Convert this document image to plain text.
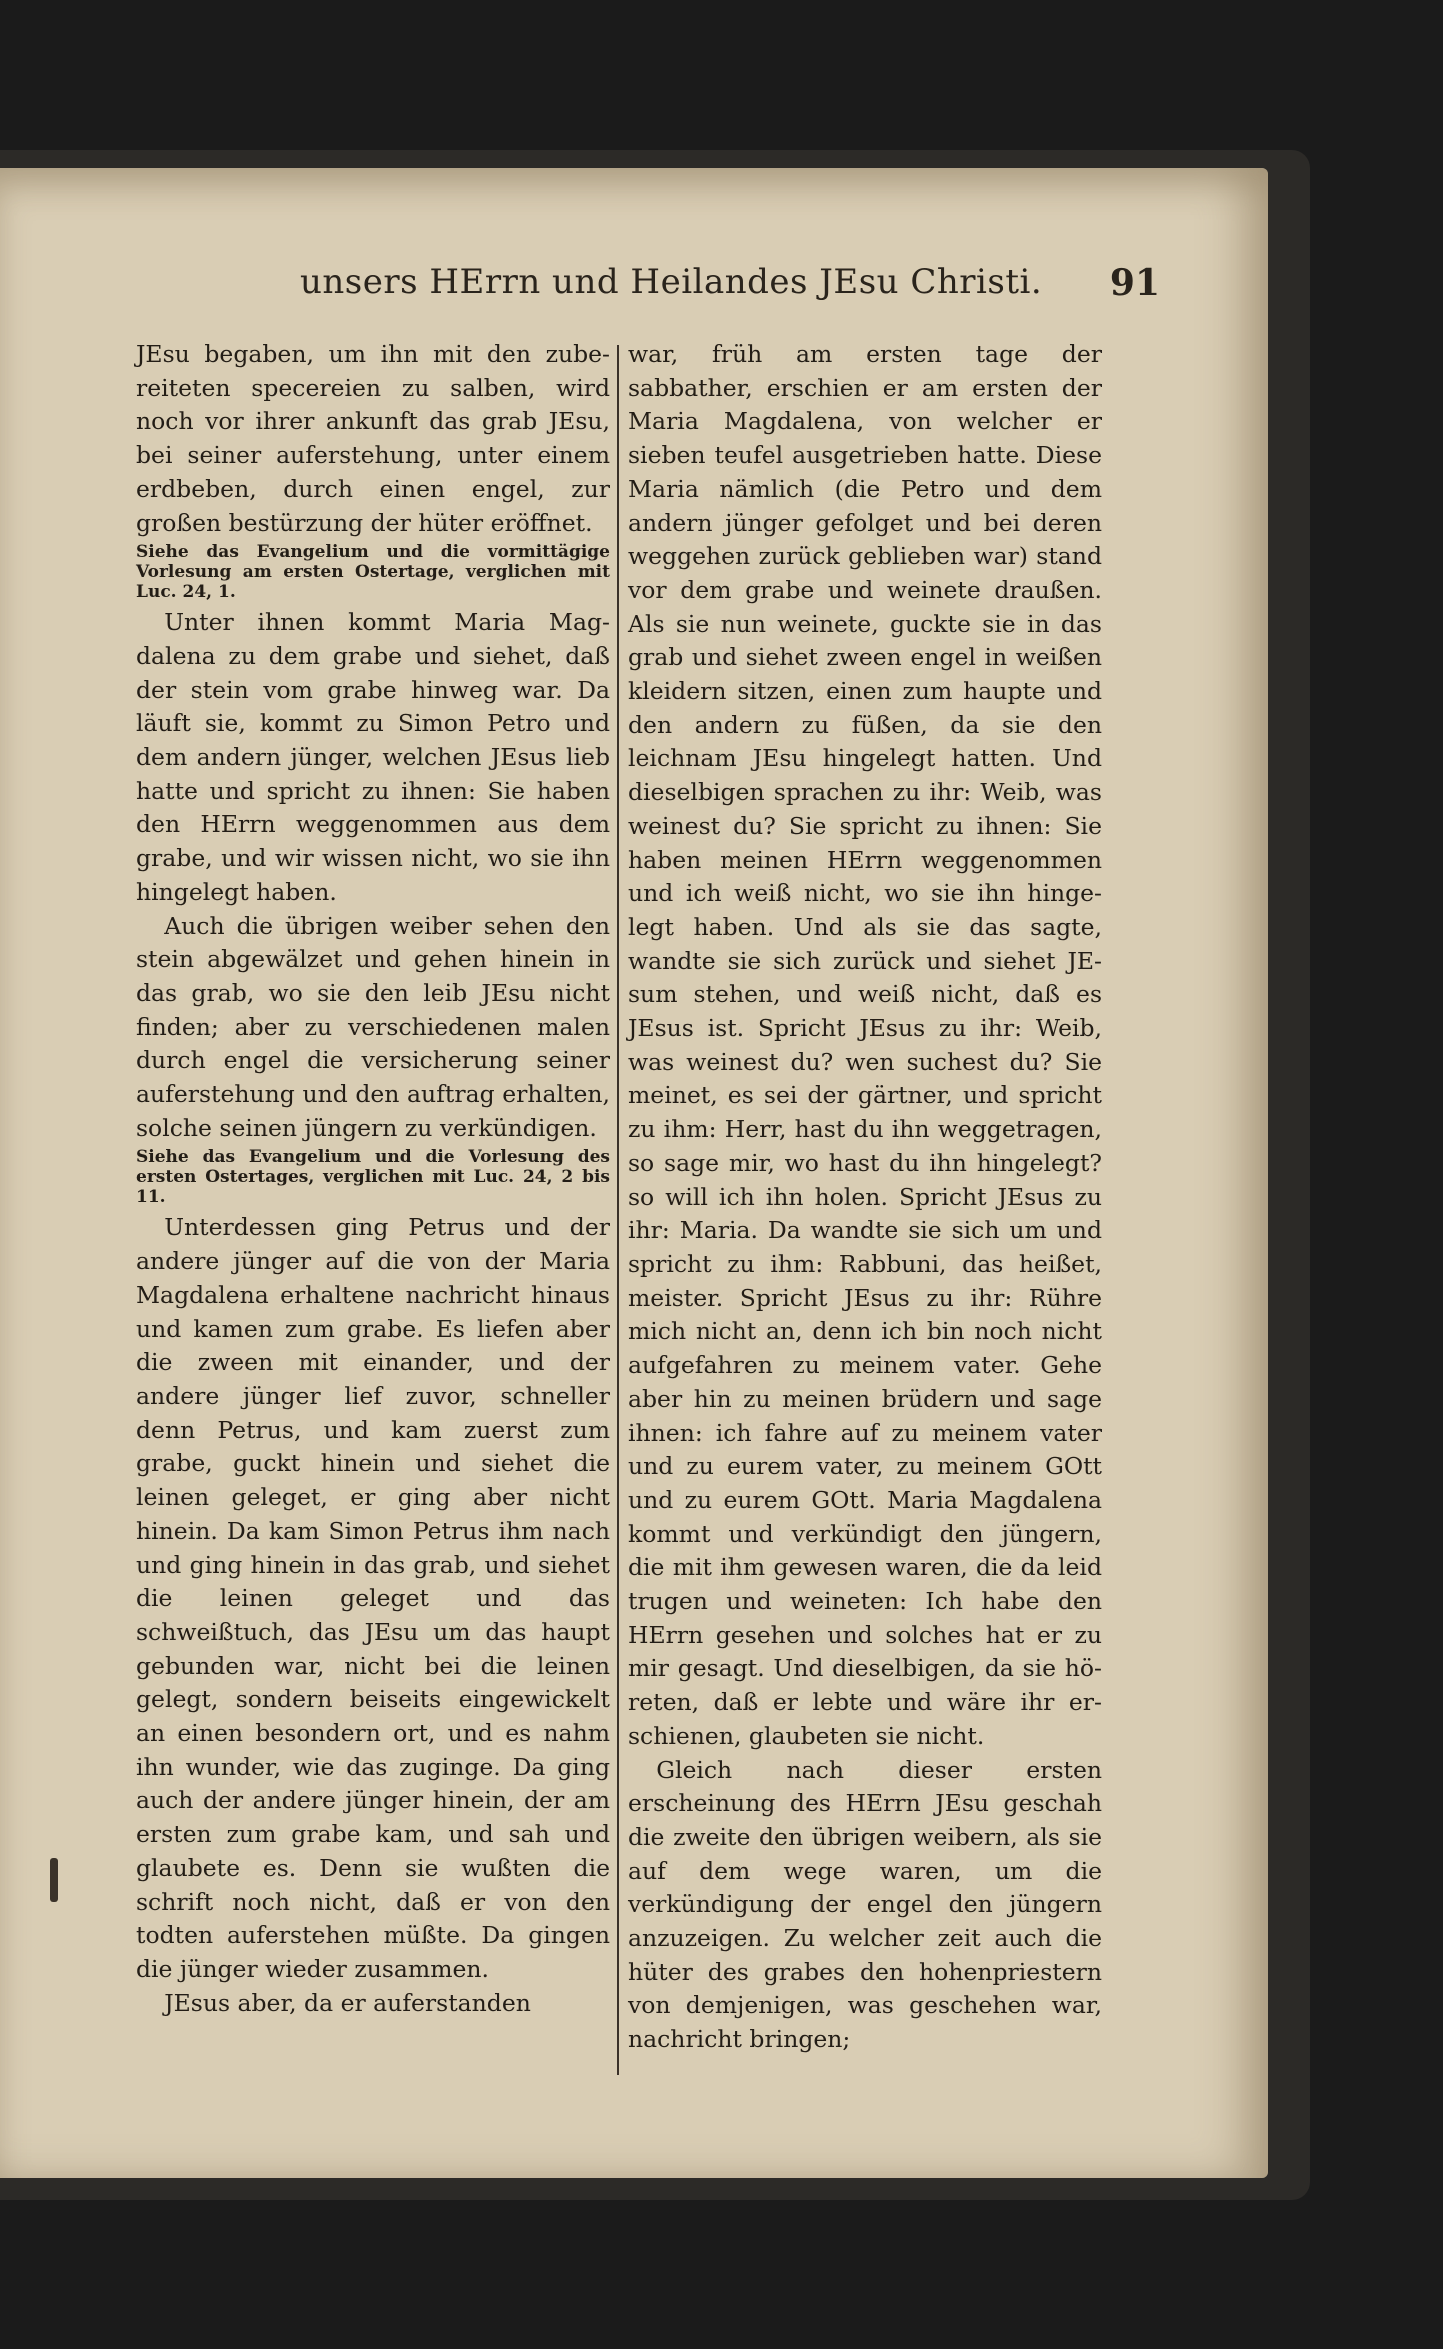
unsers HErrn und Heilandes JEsu Christi. 91

JEsu begaben, um ihn mit den zubereiteten specereien zu salben, wird noch vor ihrer ankunft das grab JEsu, bei seiner auferstehung, unter einem erdbeben, durch einen engel, zur großen bestürzung der hüter eröffnet.

Siehe das Evangelium und die vormittägige Vorlesung am ersten Ostertage, verglichen mit Luc. 24, 1.

Unter ihnen kommt Maria Magdalena zu dem grabe und siehet, daß der stein vom grabe hinweg war. Da läuft sie, kommt zu Simon Petro und dem andern jünger, welchen JEsus lieb hatte und spricht zu ihnen: Sie haben den HErrn weggenommen aus dem grabe, und wir wissen nicht, wo sie ihn hingelegt haben.

Auch die übrigen weiber sehen den stein abgewälzet und gehen hinein in das grab, wo sie den leib JEsu nicht finden; aber zu verschiedenen malen durch engel die versicherung seiner auferstehung und den auftrag erhalten, solche seinen jüngern zu verkündigen.

Siehe das Evangelium und die Vorlesung des ersten Ostertages, verglichen mit Luc. 24, 2 bis 11.

Unterdessen ging Petrus und der andere jünger auf die von der Maria Magdalena erhaltene nachricht hinaus und kamen zum grabe. Es liefen aber die zween mit einander, und der andere jünger lief zuvor, schneller denn Petrus, und kam zuerst zum grabe, guckt hinein und siehet die leinen geleget, er ging aber nicht hinein. Da kam Simon Petrus ihm nach und ging hinein in das grab, und siehet die leinen geleget und das schweißtuch, das JEsu um das haupt gebunden war, nicht bei die leinen gelegt, sondern beiseits eingewickelt an einen besondern ort, und es nahm ihn wunder, wie das zuginge. Da ging auch der andere jünger hinein, der am ersten zum grabe kam, und sah und glaubete es. Denn sie wußten die schrift noch nicht, daß er von den todten auferstehen müßte. Da gingen die jünger wieder zusammen.

JEsus aber, da er auferstanden

war, früh am ersten tage der sabbather, erschien er am ersten der Maria Magdalena, von welcher er sieben teufel ausgetrieben hatte. Diese Maria nämlich (die Petro und dem andern jünger gefolget und bei deren weggehen zurück geblieben war) stand vor dem grabe und weinete draußen. Als sie nun weinete, guckte sie in das grab und siehet zween engel in weißen kleidern sitzen, einen zum haupte und den andern zu füßen, da sie den leichnam JEsu hingelegt hatten. Und dieselbigen sprachen zu ihr: Weib, was weinest du? Sie spricht zu ihnen: Sie haben meinen HErrn weggenommen und ich weiß nicht, wo sie ihn hingelegt haben. Und als sie das sagte, wandte sie sich zurück und siehet JEsum stehen, und weiß nicht, daß es JEsus ist. Spricht JEsus zu ihr: Weib, was weinest du? wen suchest du? Sie meinet, es sei der gärtner, und spricht zu ihm: Herr, hast du ihn weggetragen, so sage mir, wo hast du ihn hingelegt? so will ich ihn holen. Spricht JEsus zu ihr: Maria. Da wandte sie sich um und spricht zu ihm: Rabbuni, das heißet, meister. Spricht JEsus zu ihr: Rühre mich nicht an, denn ich bin noch nicht aufgefahren zu meinem vater. Gehe aber hin zu meinen brüdern und sage ihnen: ich fahre auf zu meinem vater und zu eurem vater, zu meinem GOtt und zu eurem GOtt. Maria Magdalena kommt und verkündigt den jüngern, die mit ihm gewesen waren, die da leid trugen und weineten: Ich habe den HErrn gesehen und solches hat er zu mir gesagt. Und dieselbigen, da sie höreten, daß er lebte und wäre ihr erschienen, glaubeten sie nicht.

Gleich nach dieser ersten erscheinung des HErrn JEsu geschah die zweite den übrigen weibern, als sie auf dem wege waren, um die verkündigung der engel den jüngern anzuzeigen. Zu welcher zeit auch die hüter des grabes den hohenpriestern von demjenigen, was geschehen war, nachricht bringen;
